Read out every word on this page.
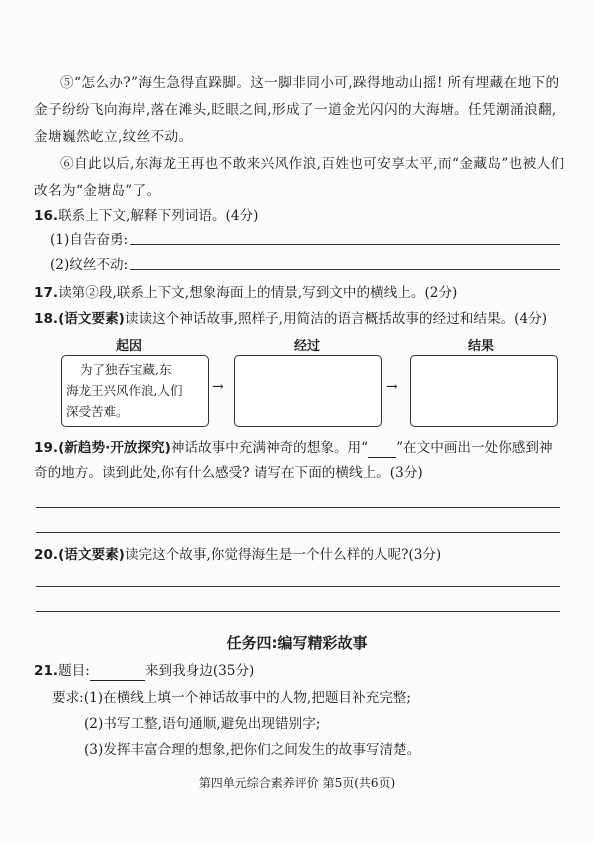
⑤“怎么办?”海生急得直跺脚。这一脚非同小可,跺得地动山摇! 所有埋藏在地下的
金子纷纷飞向海岸,落在滩头,眨眼之间,形成了一道金光闪闪的大海塘。任凭潮涌浪翻,
金塘巍然屹立,纹丝不动。
⑥自此以后,东海龙王再也不敢来兴风作浪,百姓也可安享太平,而“金藏岛”也被人们
改名为“金塘岛”了。
16.联系上下文,解释下列词语。(4分)
(1)自告奋勇:
(2)纹丝不动:
17.读第②段,联系上下文,想象海面上的情景,写到文中的横线上。(2分)
18.(语文要素)读读这个神话故事,照样子,用简洁的语言概括故事的经过和结果。(4分)
起因	经过	结果
为了独吞宝藏,东
海龙王兴风作浪,人们
深受苦难。
→	→
19.(新趋势·开放探究)神话故事中充满神奇的想象。用“ ”在文中画出一处你感到神
奇的地方。读到此处,你有什么感受? 请写在下面的横线上。(3分)
20.(语文要素)读完这个故事,你觉得海生是一个什么样的人呢?(3分)
任务四:编写精彩故事
21.题目:	来到我身边(35分)
要求:(1)在横线上填一个神话故事中的人物,把题目补充完整;
(2)书写工整,语句通顺,避免出现错别字;
(3)发挥丰富合理的想象,把你们之间发生的故事写清楚。
第四单元综合素养评价 第5页(共6页)
